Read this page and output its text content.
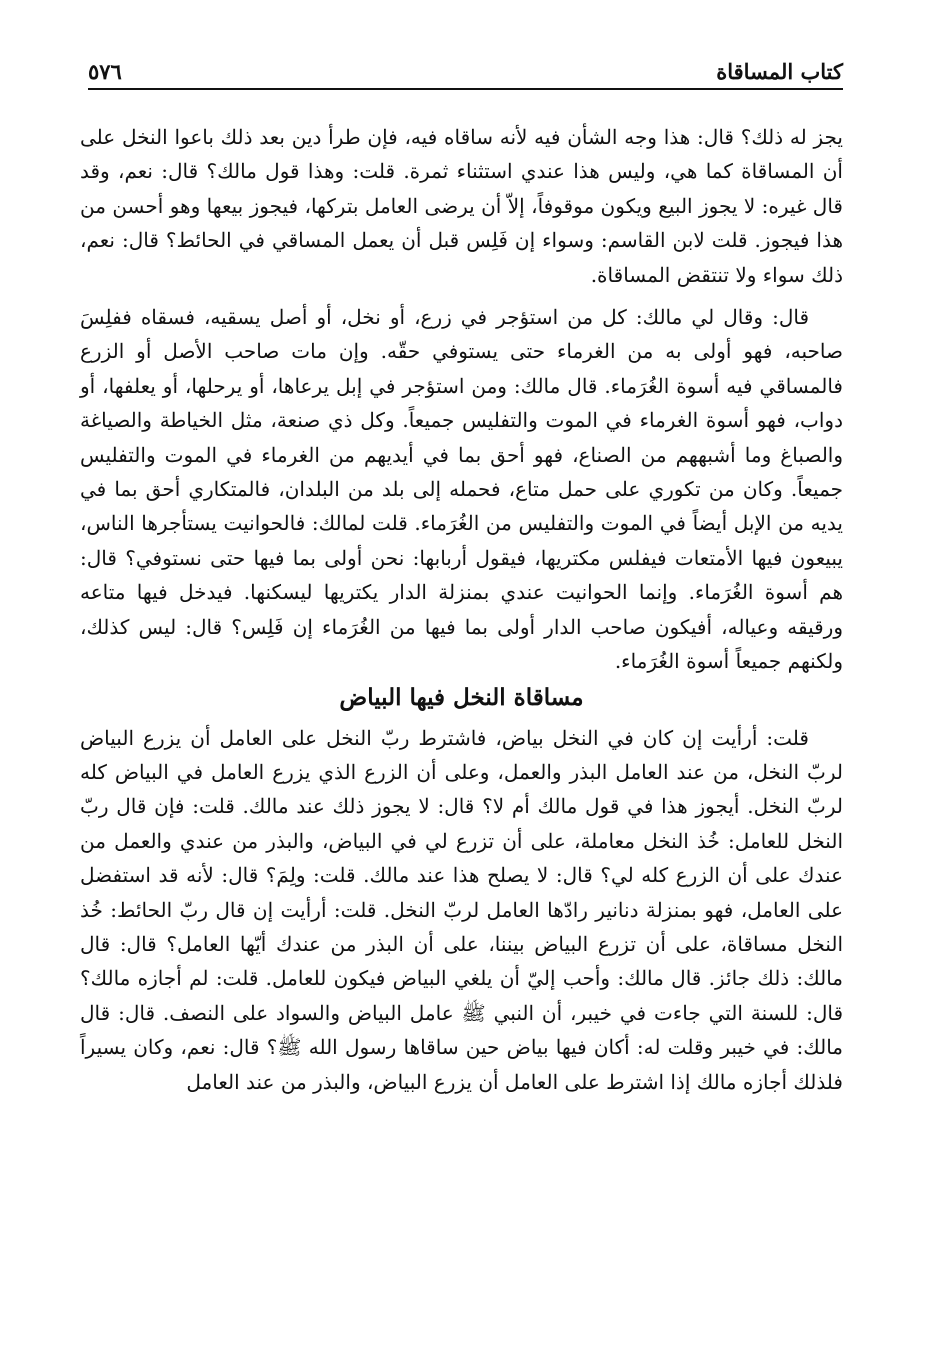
كتاب المساقاة
٥٧٦

يجز له ذلك؟ قال: هذا وجه الشأن فيه لأنه ساقاه فيه، فإن طرأ دين بعد ذلك باعوا النخل على أن المساقاة كما هي، وليس هذا عندي استثناء ثمرة. قلت: وهذا قول مالك؟ قال: نعم، وقد قال غيره: لا يجوز البيع ويكون موقوفاً، إلاّ أن يرضى العامل بتركها، فيجوز بيعها وهو أحسن من هذا فيجوز. قلت لابن القاسم: وسواء إن فَلِس قبل أن يعمل المساقي في الحائط؟ قال: نعم، ذلك سواء ولا تنتقض المساقاة.

قال: وقال لي مالك: كل من استؤجر في زرع، أو نخل، أو أصل يسقيه، فسقاه ففلِسَ صاحبه، فهو أولى به من الغرماء حتى يستوفي حقّه. وإن مات صاحب الأصل أو الزرع فالمساقي فيه أسوة الغُرَماء. قال مالك: ومن استؤجر في إبل يرعاها، أو يرحلها، أو يعلفها، أو دواب، فهو أسوة الغرماء في الموت والتفليس جميعاً. وكل ذي صنعة، مثل الخياطة والصياغة والصباغ وما أشبههم من الصناع، فهو أحق بما في أيديهم من الغرماء في الموت والتفليس جميعاً. وكان من تكوري على حمل متاع، فحمله إلى بلد من البلدان، فالمتكاري أحق بما في يديه من الإبل أيضاً في الموت والتفليس من الغُرَماء. قلت لمالك: فالحوانيت يستأجرها الناس، يبيعون فيها الأمتعات فيفلس مكتريها، فيقول أربابها: نحن أولى بما فيها حتى نستوفي؟ قال: هم أسوة الغُرَماء. وإنما الحوانيت عندي بمنزلة الدار يكتريها ليسكنها. فيدخل فيها متاعه ورقيقه وعياله، أفيكون صاحب الدار أولى بما فيها من الغُرَماء إن فَلِس؟ قال: ليس كذلك، ولكنهم جميعاً أسوة الغُرَماء.

مساقاة النخل فيها البياض

قلت: أرأيت إن كان في النخل بياض، فاشترط ربّ النخل على العامل أن يزرع البياض لربّ النخل، من عند العامل البذر والعمل، وعلى أن الزرع الذي يزرع العامل في البياض كله لربّ النخل. أيجوز هذا في قول مالك أم لا؟ قال: لا يجوز ذلك عند مالك. قلت: فإن قال ربّ النخل للعامل: خُذ النخل معاملة، على أن تزرع لي في البياض، والبذر من عندي والعمل من عندك على أن الزرع كله لي؟ قال: لا يصلح هذا عند مالك. قلت: ولِمَ؟ قال: لأنه قد استفضل على العامل، فهو بمنزلة دنانير رادّها العامل لربّ النخل. قلت: أرأيت إن قال ربّ الحائط: خُذ النخل مساقاة، على أن تزرع البياض بيننا، على أن البذر من عندك أيّها العامل؟ قال: قال مالك: ذلك جائز. قال مالك: وأحب إليّ أن يلغي البياض فيكون للعامل. قلت: لم أجازه مالك؟ قال: للسنة التي جاءت في خيبر، أن النبي ﷺ عامل البياض والسواد على النصف. قال: قال مالك: في خيبر وقلت له: أكان فيها بياض حين ساقاها رسول الله ﷺ؟ قال: نعم، وكان يسيراً فلذلك أجازه مالك إذا اشترط على العامل أن يزرع البياض، والبذر من عند العامل
